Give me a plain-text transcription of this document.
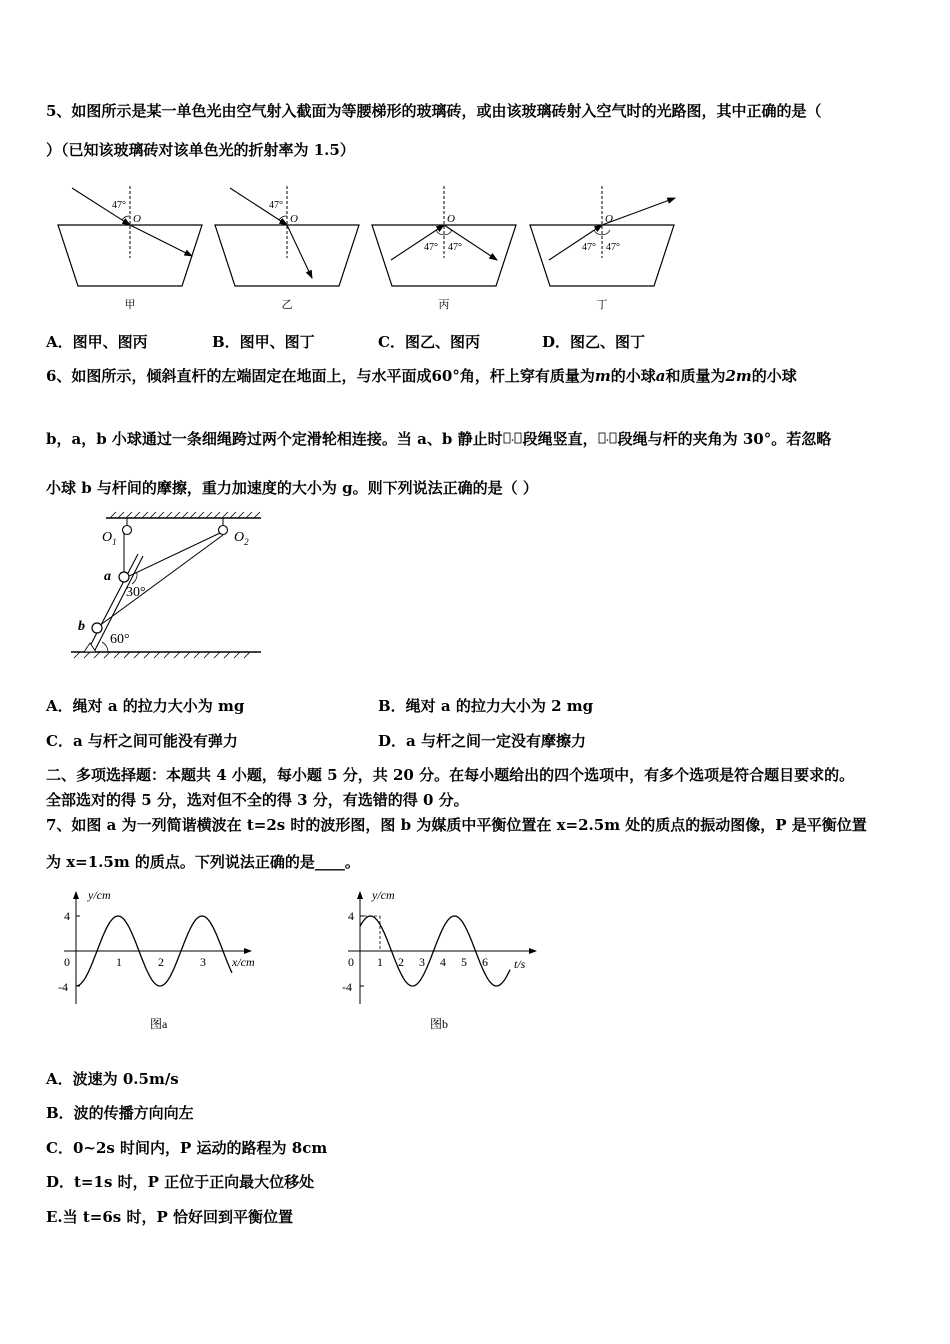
5、如图所示是某一单色光由空气射入截面为等腰梯形的玻璃砖，或由该玻璃砖射入空气时的光路图，其中正确的是（
）（已知该玻璃砖对该单色光的折射率为 1.5）
47°	47°
47° 47°	47° 47°
O	O	O	O
甲	乙	丙	丁
A．图甲、图丙	B．图甲、图丁	C．图乙、图丙	D．图乙、图丁
6、如图所示，倾斜直杆的左端固定在地面上，与水平面成60°角，杆上穿有质量为m的小球a和质量为2m的小球
b，a，b 小球通过一条细绳跨过两个定滑轮相连接。当 a、b 静止时 段绳竖直， 段绳与杆的夹角为 30°。若忽略
小球 b 与杆间的摩擦，重力加速度的大小为 g。则下列说法正确的是（ ）
$O_1$	$O_2$
a
b
30°
60°
A．绳对 a 的拉力大小为 mg	B．绳对 a 的拉力大小为 2 mg
C．a 与杆之间可能没有弹力	D．a 与杆之间一定没有摩擦力
二、多项选择题：本题共 4 小题，每小题 5 分，共 20 分。在每小题给出的四个选项中，有多个选项是符合题目要求的。
全部选对的得 5 分，选对但不全的得 3 分，有选错的得 0 分。
7、如图 a 为一列简谐横波在 t=2s 时的波形图，图 b 为媒质中平衡位置在 x=2.5m 处的质点的振动图像，P 是平衡位置
为 x=1.5m 的质点。下列说法正确的是____。
y/cm
x/cm
4
-4
0	1	2	3
图a
y/cm
t/s
4
-4
0 1 2 3 4 5 6
图b
A．波速为 0.5m/s
B．波的传播方向向左
C．0~2s 时间内，P 运动的路程为 8cm
D．t=1s 时，P 正位于正向最大位移处
E.当 t=6s 时，P 恰好回到平衡位置
